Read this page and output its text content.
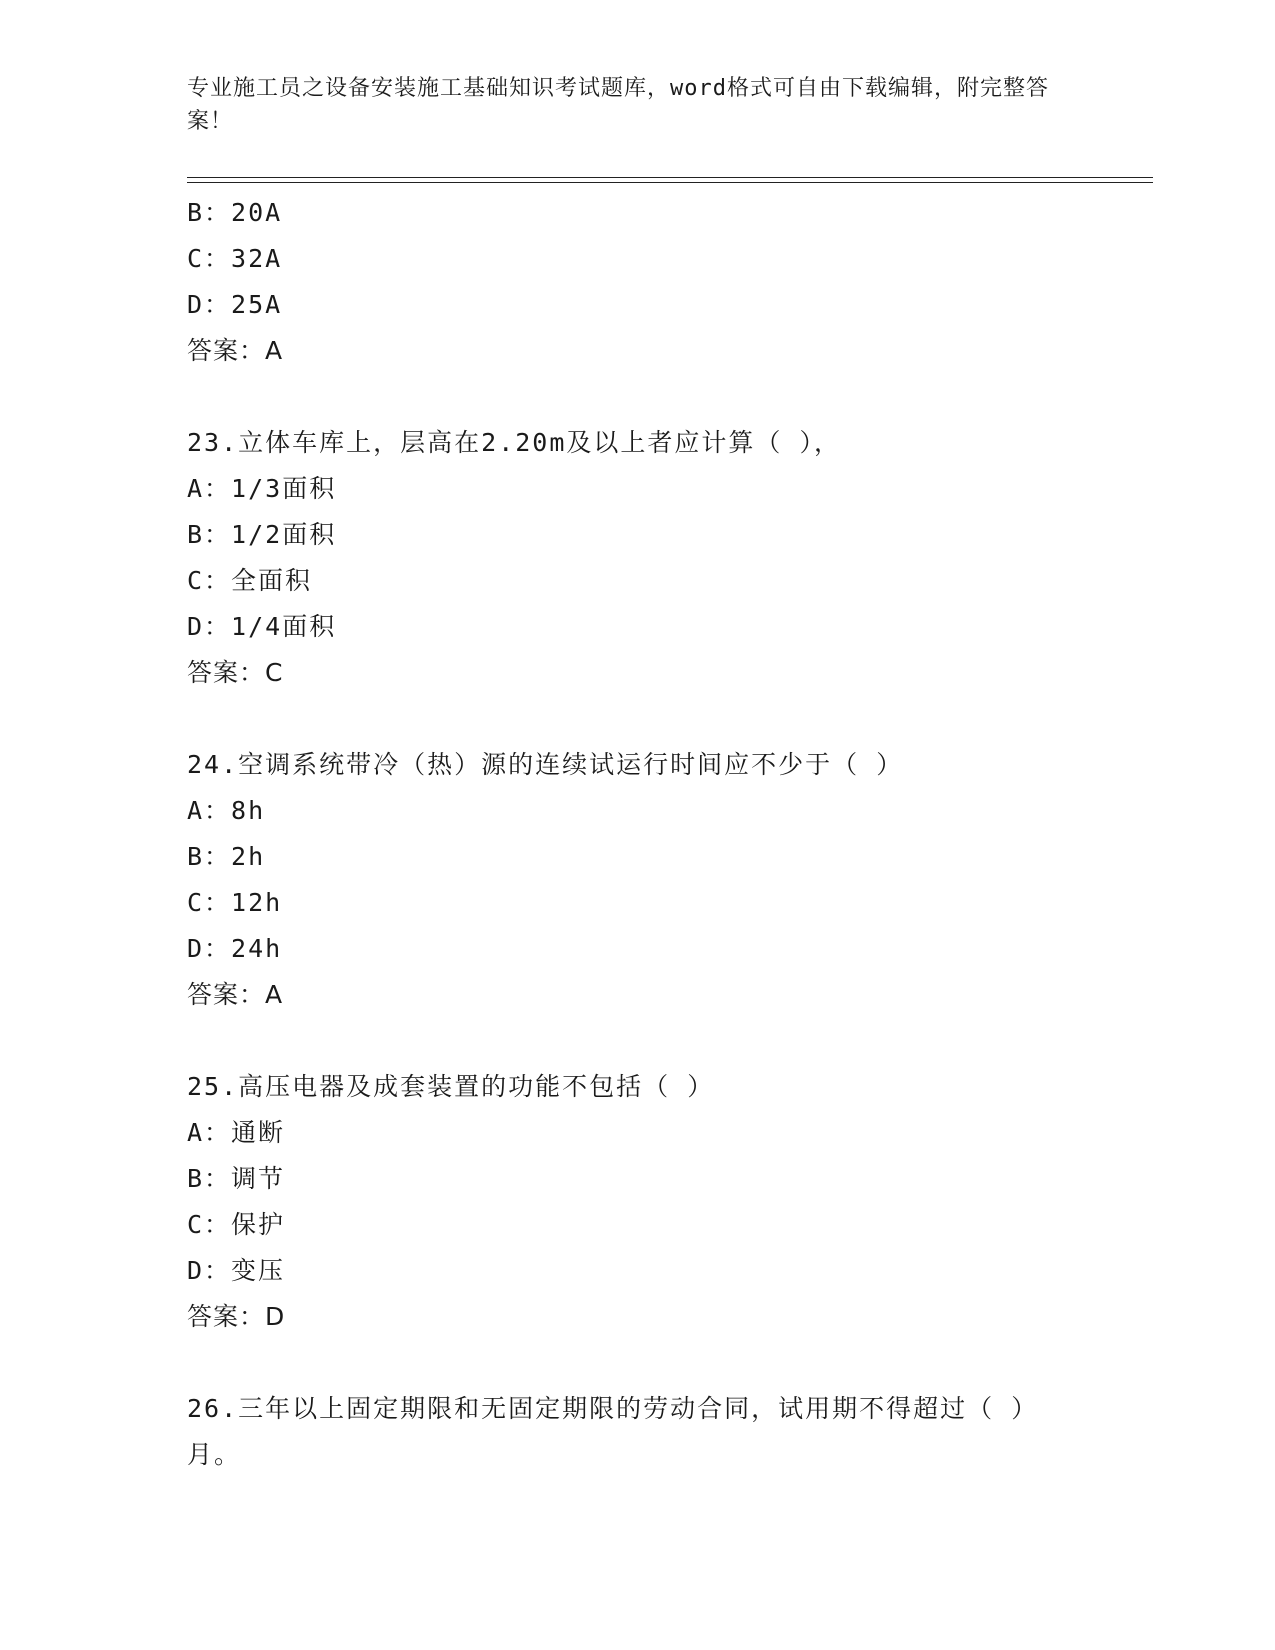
专业施工员之设备安装施工基础知识考试题库，word格式可自由下载编辑，附完整答案！
B：20A
C：32A
D：25A
答案：A
23.立体车库上，层高在2.20m及以上者应计算（ ），
A：1/3面积
B：1/2面积
C：全面积
D：1/4面积
答案：C
24.空调系统带冷（热）源的连续试运行时间应不少于（ ）
A：8h
B：2h
C：12h
D：24h
答案：A
25.高压电器及成套装置的功能不包括（ ）
A：通断
B：调节
C：保护
D：变压
答案：D
26.三年以上固定期限和无固定期限的劳动合同，试用期不得超过（ ）月。
